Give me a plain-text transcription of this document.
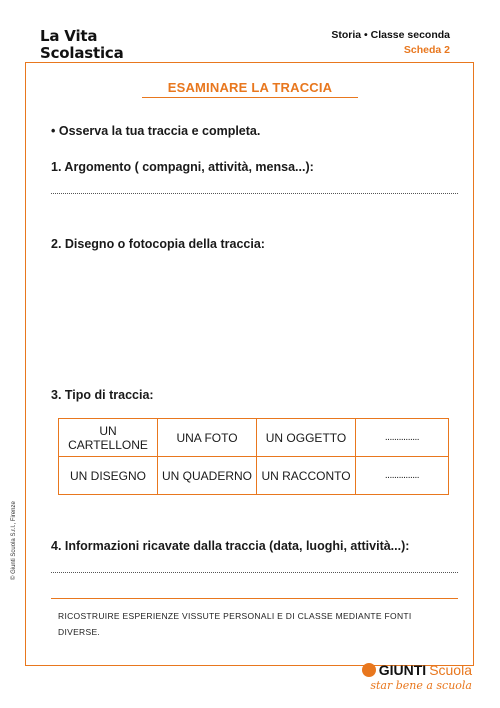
La Vita
Scolastica
Storia • Classe seconda
Scheda 2
ESAMINARE LA TRACCIA
• Osserva la tua traccia e completa.
1. Argomento ( compagni, attività, mensa...):
2. Disegno o fotocopia della traccia:
3. Tipo di traccia:
UN CARTELLONE	UNA FOTO	UN OGGETTO	...............
UN DISEGNO	UN QUADERNO	UN RACCONTO	...............
4. Informazioni ricavate dalla traccia (data, luoghi, attività...):
RICOSTRUIRE ESPERIENZE VISSUTE PERSONALI E DI CLASSE MEDIANTE FONTI DIVERSE.
© Giunti Scuola S.r.l., Firenze
GIUNTI Scuola
star bene a scuola
